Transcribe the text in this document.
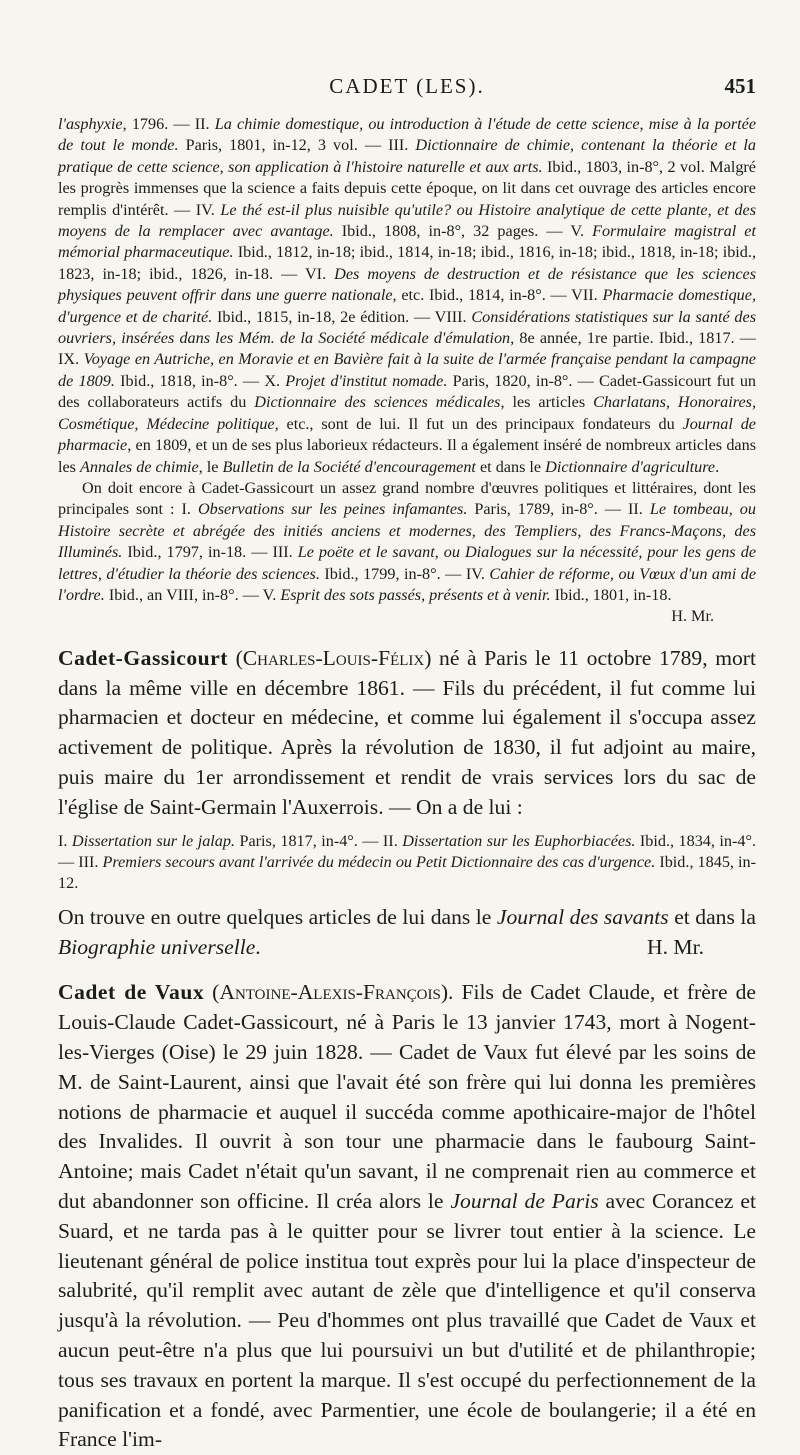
CADET (LES).	451

l'asphyxie, 1796. — II. La chimie domestique, ou introduction à l'étude de cette science, mise à la portée de tout le monde. Paris, 1801, in-12, 3 vol. — III. Dictionnaire de chimie, contenant la théorie et la pratique de cette science, son application à l'histoire naturelle et aux arts. Ibid., 1803, in-8°, 2 vol. Malgré les progrès immenses que la science a faits depuis cette époque, on lit dans cet ouvrage des articles encore remplis d'intérêt. — IV. Le thé est-il plus nuisible qu'utile? ou Histoire analytique de cette plante, et des moyens de la remplacer avec avantage. Ibid., 1808, in-8°, 32 pages. — V. Formulaire magistral et mémorial pharmaceutique. Ibid., 1812, in-18; ibid., 1814, in-18; ibid., 1816, in-18; ibid., 1818, in-18; ibid., 1823, in-18; ibid., 1826, in-18. — VI. Des moyens de destruction et de résistance que les sciences physiques peuvent offrir dans une guerre nationale, etc. Ibid., 1814, in-8°. — VII. Pharmacie domestique, d'urgence et de charité. Ibid., 1815, in-18, 2e édition. — VIII. Considérations statistiques sur la santé des ouvriers, insérées dans les Mém. de la Société médicale d'émulation, 8e année, 1re partie. Ibid., 1817. — IX. Voyage en Autriche, en Moravie et en Bavière fait à la suite de l'armée française pendant la campagne de 1809. Ibid., 1818, in-8°. — X. Projet d'institut nomade. Paris, 1820, in-8°. — Cadet-Gassicourt fut un des collaborateurs actifs du Dictionnaire des sciences médicales, les articles Charlatans, Honoraires, Cosmétique, Médecine politique, etc., sont de lui. Il fut un des principaux fondateurs du Journal de pharmacie, en 1809, et un de ses plus laborieux rédacteurs. Il a également inséré de nombreux articles dans les Annales de chimie, le Bulletin de la Société d'encouragement et dans le Dictionnaire d'agriculture.

On doit encore à Cadet-Gassicourt un assez grand nombre d'œuvres politiques et littéraires, dont les principales sont : I. Observations sur les peines infamantes. Paris, 1789, in-8°. — II. Le tombeau, ou Histoire secrète et abrégée des initiés anciens et modernes, des Templiers, des Francs-Maçons, des Illuminés. Ibid., 1797, in-18. — III. Le poëte et le savant, ou Dialogues sur la nécessité, pour les gens de lettres, d'étudier la théorie des sciences. Ibid., 1799, in-8°. — IV. Cahier de réforme, ou Vœux d'un ami de l'ordre. Ibid., an VIII, in-8°. — V. Esprit des sots passés, présents et à venir. Ibid., 1801, in-18.

H. Mr.

Cadet-Gassicourt (Charles-Louis-Félix) né à Paris le 11 octobre 1789, mort dans la même ville en décembre 1861. — Fils du précédent, il fut comme lui pharmacien et docteur en médecine, et comme lui également il s'occupa assez activement de politique. Après la révolution de 1830, il fut adjoint au maire, puis maire du 1er arrondissement et rendit de vrais services lors du sac de l'église de Saint-Germain l'Auxerrois. — On a de lui :

I. Dissertation sur le jalap. Paris, 1817, in-4°. — II. Dissertation sur les Euphorbiacées. Ibid., 1834, in-4°. — III. Premiers secours avant l'arrivée du médecin ou Petit Dictionnaire des cas d'urgence. Ibid., 1845, in-12.

On trouve en outre quelques articles de lui dans le Journal des savants et dans la Biographie universelle.	H. Mr.

Cadet de Vaux (Antoine-Alexis-François). Fils de Cadet Claude, et frère de Louis-Claude Cadet-Gassicourt, né à Paris le 13 janvier 1743, mort à Nogent-les-Vierges (Oise) le 29 juin 1828. — Cadet de Vaux fut élevé par les soins de M. de Saint-Laurent, ainsi que l'avait été son frère qui lui donna les premières notions de pharmacie et auquel il succéda comme apothicaire-major de l'hôtel des Invalides. Il ouvrit à son tour une pharmacie dans le faubourg Saint-Antoine; mais Cadet n'était qu'un savant, il ne comprenait rien au commerce et dut abandonner son officine. Il créa alors le Journal de Paris avec Corancez et Suard, et ne tarda pas à le quitter pour se livrer tout entier à la science. Le lieutenant général de police institua tout exprès pour lui la place d'inspecteur de salubrité, qu'il remplit avec autant de zèle que d'intelligence et qu'il conserva jusqu'à la révolution. — Peu d'hommes ont plus travaillé que Cadet de Vaux et aucun peut-être n'a plus que lui poursuivi un but d'utilité et de philanthropie; tous ses travaux en portent la marque. Il s'est occupé du perfectionnement de la panification et a fondé, avec Parmentier, une école de boulangerie; il a été en France l'im-
